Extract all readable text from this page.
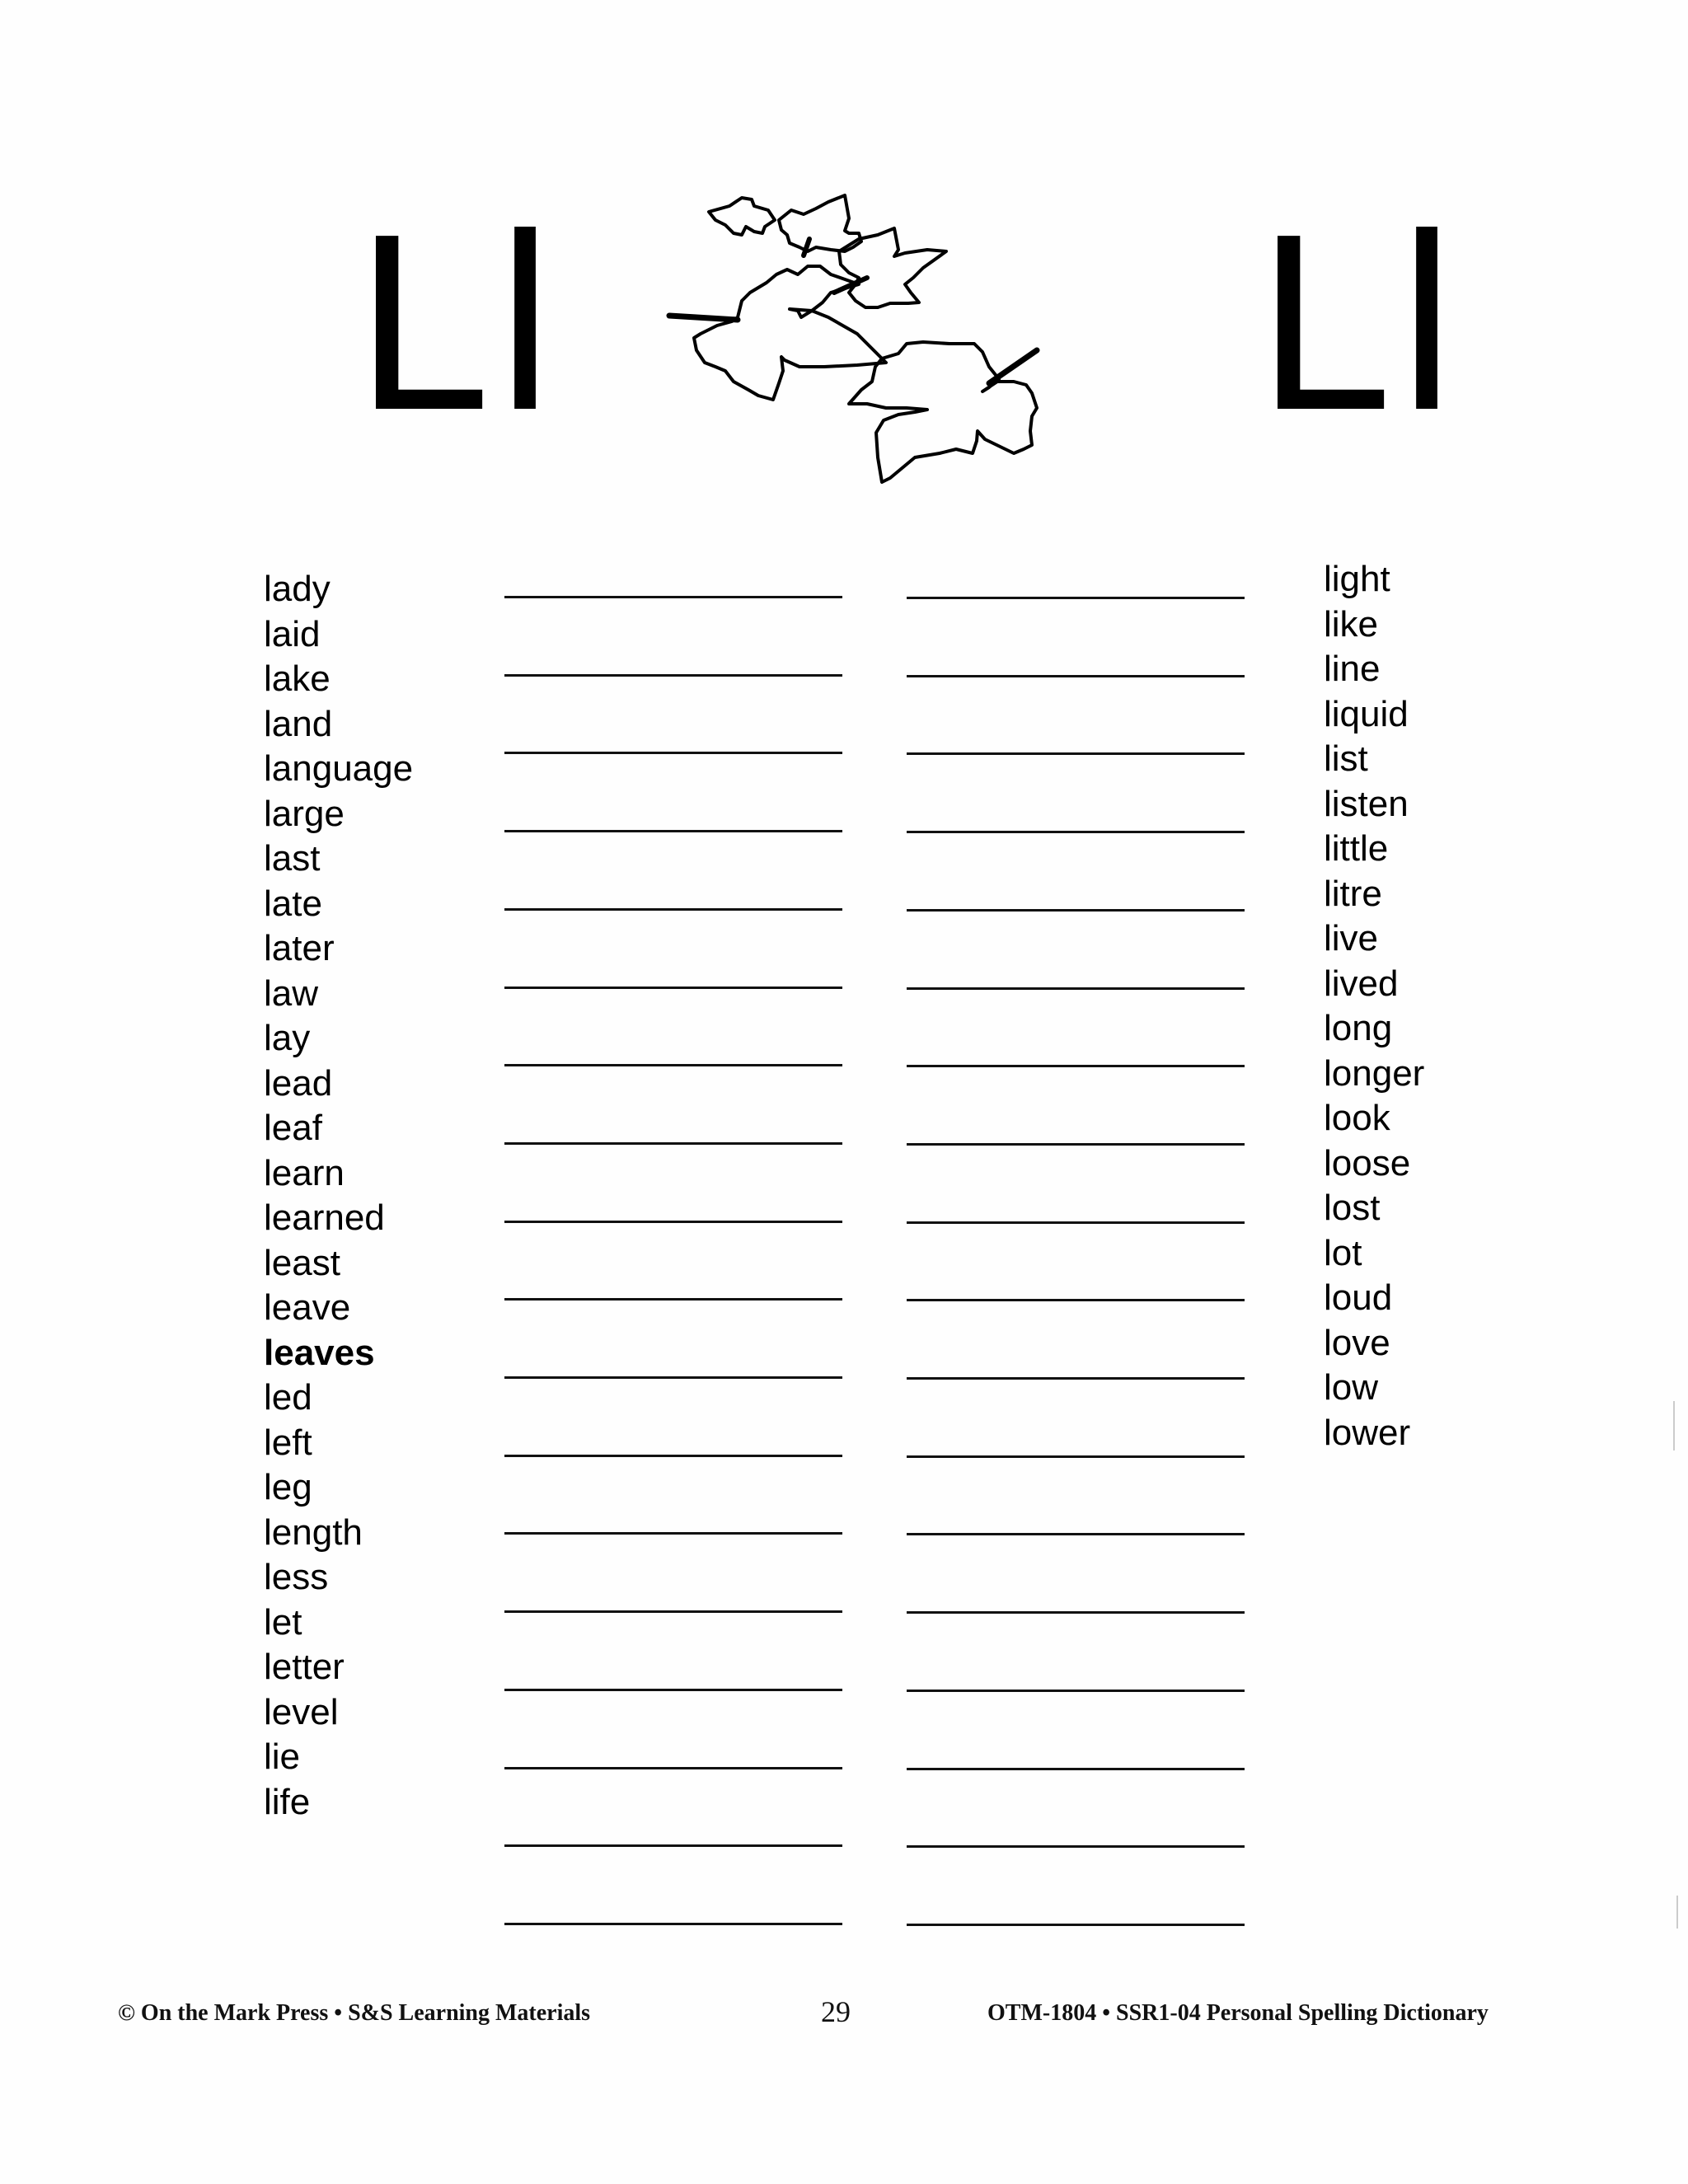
Ll	Ll
lady
laid
lake
land
language
large
last
late
later
law
lay
lead
leaf
learn
learned
least
leave
leaves
led
left
leg
length
less
let
letter
level
lie
life
light
like
line
liquid
list
listen
little
litre
live
lived
long
longer
look
loose
lost
lot
loud
love
low
lower
© On the Mark Press • S&S Learning Materials	29	OTM-1804 • SSR1-04 Personal Spelling Dictionary
